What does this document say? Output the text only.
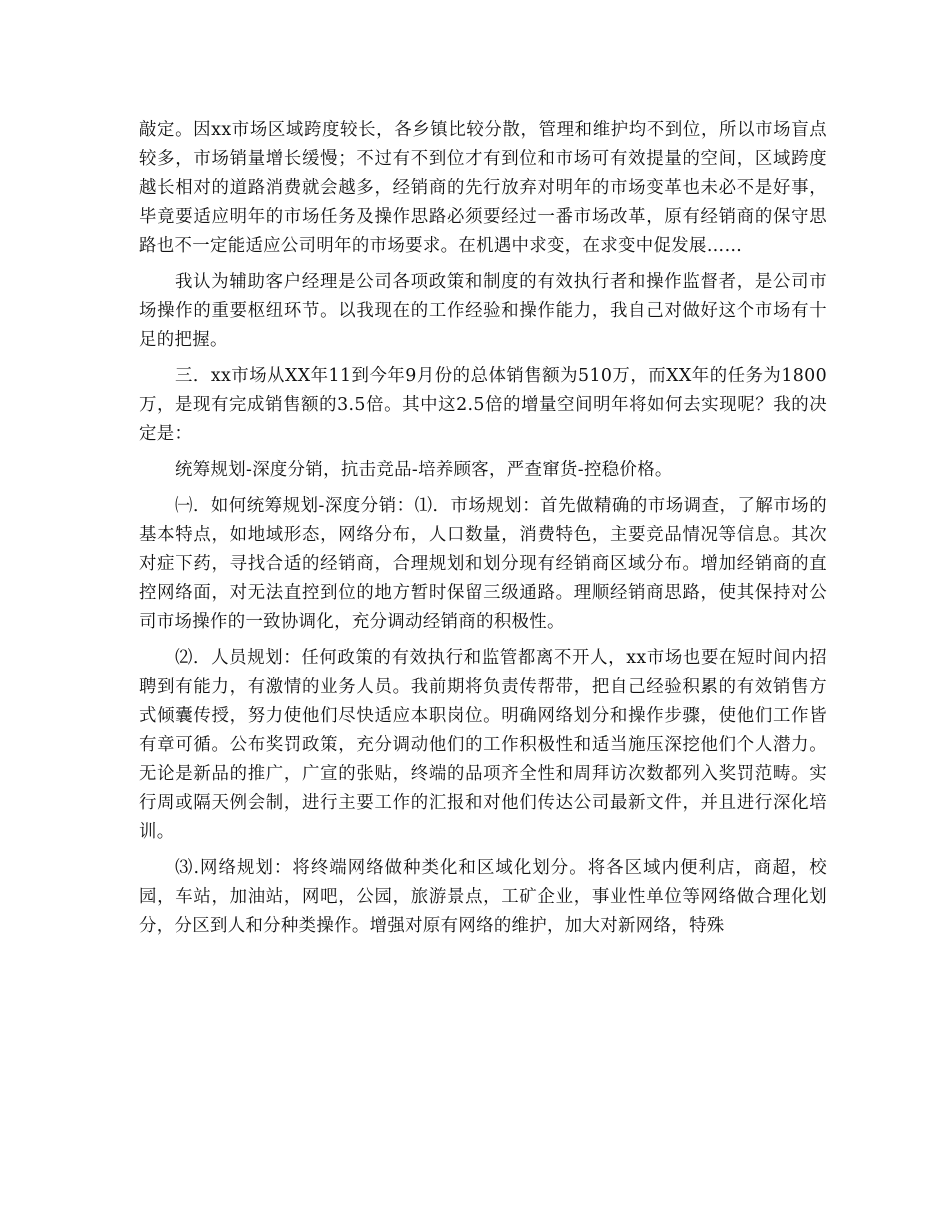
敲定。因xx市场区域跨度较长，各乡镇比较分散，管理和维护均不到位，所以市场盲点较多，市场销量增长缓慢；不过有不到位才有到位和市场可有效提量的空间，区域跨度越长相对的道路消费就会越多，经销商的先行放弃对明年的市场变革也未必不是好事，毕竟要适应明年的市场任务及操作思路必须要经过一番市场改革，原有经销商的保守思路也不一定能适应公司明年的市场要求。在机遇中求变，在求变中促发展……

我认为辅助客户经理是公司各项政策和制度的有效执行者和操作监督者，是公司市场操作的重要枢纽环节。以我现在的工作经验和操作能力，我自己对做好这个市场有十足的把握。

三．xx市场从XX年11到今年9月份的总体销售额为510万，而XX年的任务为1800万，是现有完成销售额的3.5倍。其中这2.5倍的增量空间明年将如何去实现呢？我的决定是：

统筹规划-深度分销，抗击竞品-培养顾客，严查窜货-控稳价格。

㈠．如何统筹规划-深度分销：⑴．市场规划：首先做精确的市场调查，了解市场的基本特点，如地域形态，网络分布，人口数量，消费特色，主要竞品情况等信息。其次对症下药，寻找合适的经销商，合理规划和划分现有经销商区域分布。增加经销商的直控网络面，对无法直控到位的地方暂时保留三级通路。理顺经销商思路，使其保持对公司市场操作的一致协调化，充分调动经销商的积极性。

⑵．人员规划：任何政策的有效执行和监管都离不开人，xx市场也要在短时间内招聘到有能力，有激情的业务人员。我前期将负责传帮带，把自己经验积累的有效销售方式倾囊传授，努力使他们尽快适应本职岗位。明确网络划分和操作步骤，使他们工作皆有章可循。公布奖罚政策，充分调动他们的工作积极性和适当施压深挖他们个人潜力。无论是新品的推广，广宣的张贴，终端的品项齐全性和周拜访次数都列入奖罚范畴。实行周或隔天例会制，进行主要工作的汇报和对他们传达公司最新文件，并且进行深化培训。

⑶.网络规划：将终端网络做种类化和区域化划分。将各区域内便利店，商超，校园，车站，加油站，网吧，公园，旅游景点，工矿企业，事业性单位等网络做合理化划分，分区到人和分种类操作。增强对原有网络的维护，加大对新网络，特殊
